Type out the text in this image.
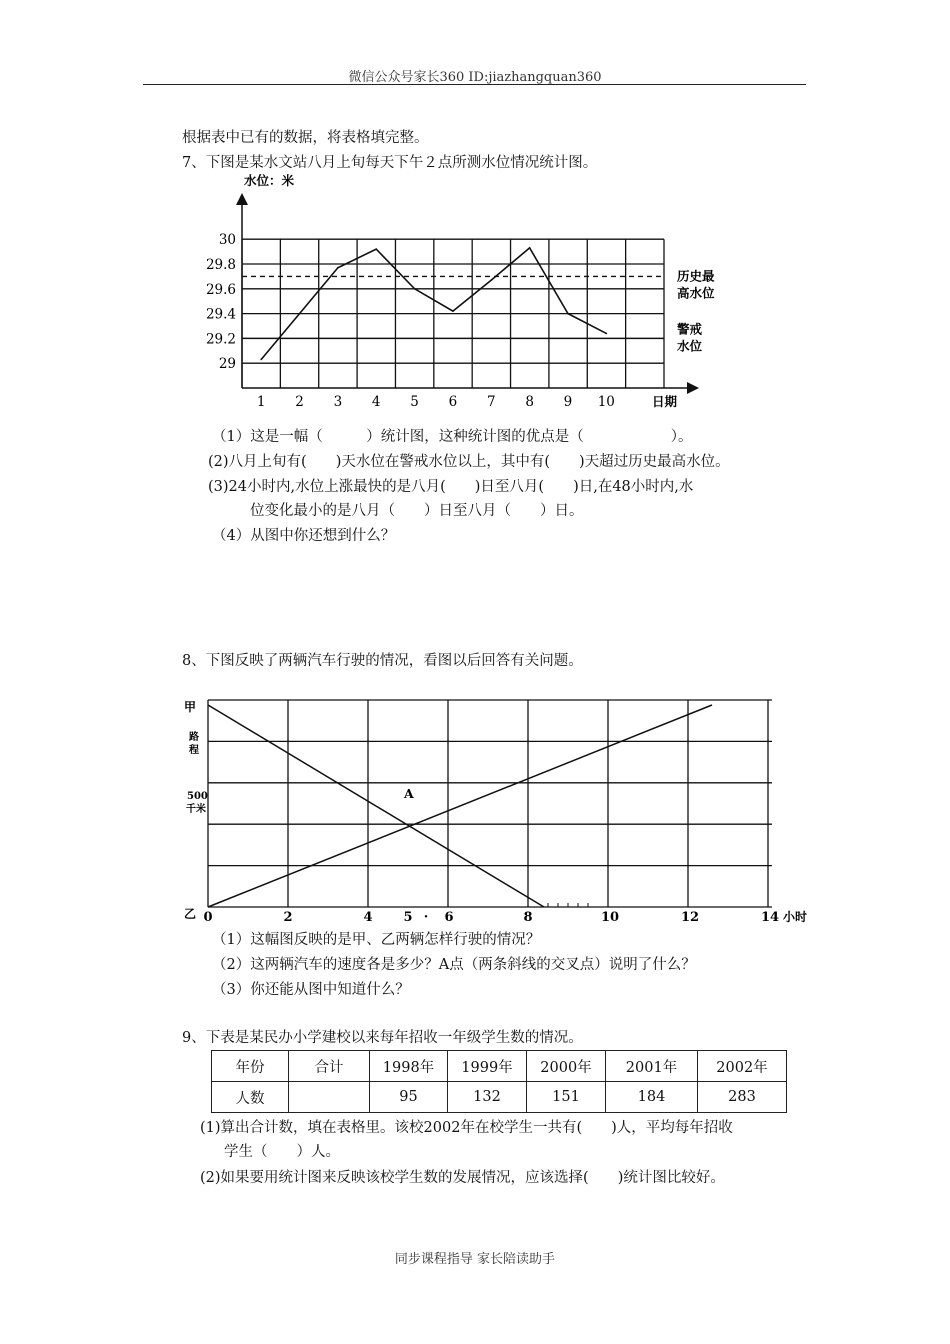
微信公众号家长360 ID:jiazhangquan360
根据表中已有的数据，将表格填完整。
7、下图是某水文站八月上旬每天下午２点所测水位情况统计图。
历史最
高水位
警戒
水位
29
29.2
29.4
29.6
29.8
30
1 2 3 4 5 6 7 8 9 10	日期
水位：米
（1）这是一幅（　　　）统计图，这种统计图的优点是（　　　　　　）。
(2)八月上旬有(　　)天水位在警戒水位以上，其中有(　　)天超过历史最高水位。
(3)24小时内,水位上涨最快的是八月(　　)日至八月(　　)日,在48小时内,水
位变化最小的是八月（　　）日至八月（　　）日。
（4）从图中你还想到什么？
8、下图反映了两辆汽车行驶的情况，看图以后回答有关问题。
A
甲
乙
路
程
500
千米
0	2	4 5 · 6	8	10	12	14 小时
（1）这幅图反映的是甲、乙两辆怎样行驶的情况？
（2）这两辆汽车的速度各是多少？A点（两条斜线的交叉点）说明了什么？
（3）你还能从图中知道什么？
9、下表是某民办小学建校以来每年招收一年级学生数的情况。
年份	合计	1998年	1999年	2000年	2001年	2002年
人数		95	132	151	184	283
(1)算出合计数，填在表格里。该校2002年在校学生一共有(　　)人，平均每年招收
学生（　　）人。
(2)如果要用统计图来反映该校学生数的发展情况，应该选择(　　)统计图比较好。
同步课程指导 家长陪读助手
